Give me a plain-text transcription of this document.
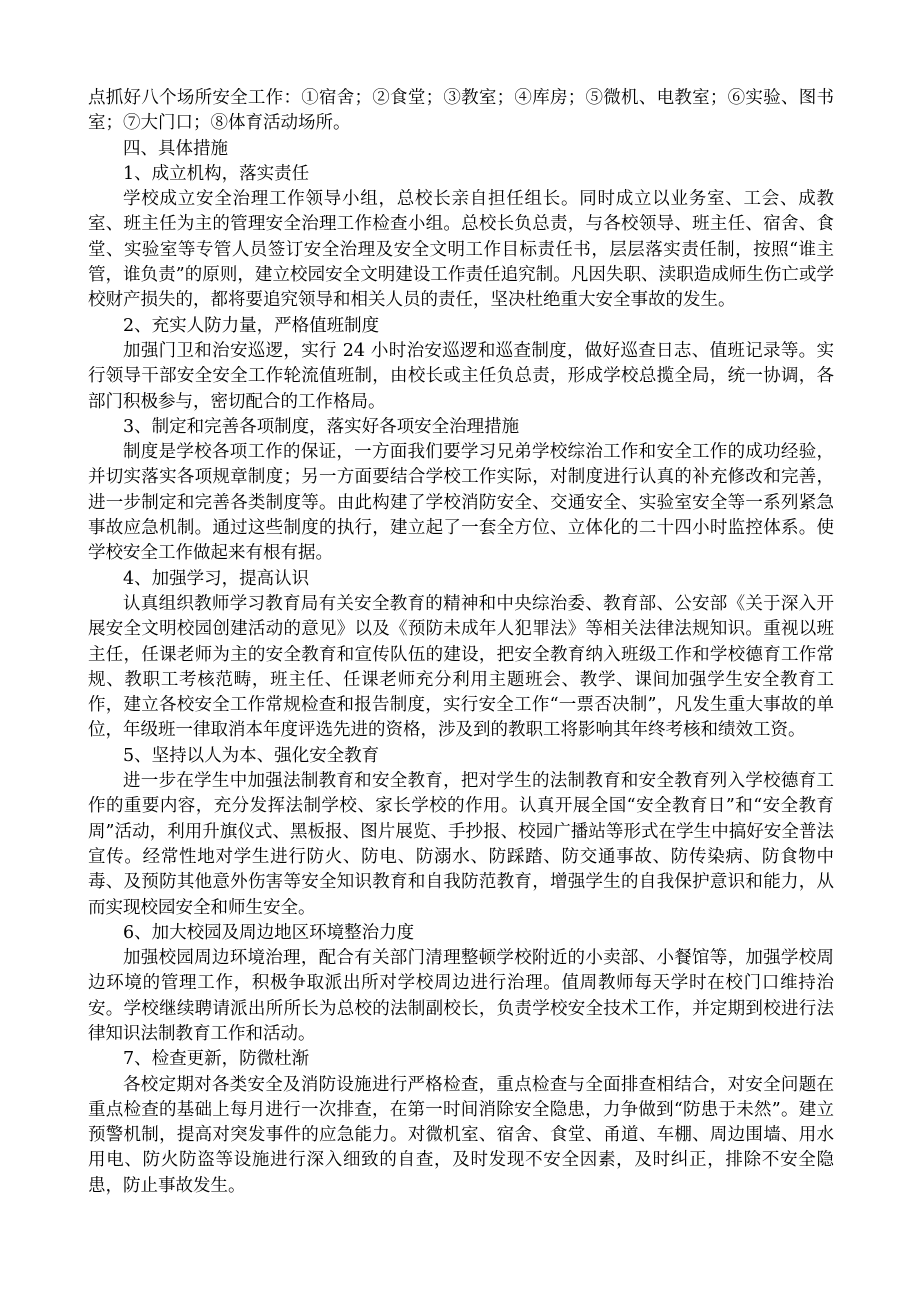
点抓好八个场所安全工作：①宿舍；②食堂；③教室；④库房；⑤微机、电教室；⑥实验、图书室；⑦大门口；⑧体育活动场所。

四、具体措施

1、成立机构，落实责任

学校成立安全治理工作领导小组，总校长亲自担任组长。同时成立以业务室、工会、成教室、班主任为主的管理安全治理工作检查小组。总校长负总责，与各校领导、班主任、宿舍、食堂、实验室等专管人员签订安全治理及安全文明工作目标责任书，层层落实责任制，按照“谁主管，谁负责”的原则，建立校园安全文明建设工作责任追究制。凡因失职、渎职造成师生伤亡或学校财产损失的，都将要追究领导和相关人员的责任，坚决杜绝重大安全事故的发生。

2、充实人防力量，严格值班制度

加强门卫和治安巡逻，实行 24 小时治安巡逻和巡查制度，做好巡查日志、值班记录等。实行领导干部安全安全工作轮流值班制，由校长或主任负总责，形成学校总揽全局，统一协调，各部门积极参与，密切配合的工作格局。

3、制定和完善各项制度，落实好各项安全治理措施

制度是学校各项工作的保证，一方面我们要学习兄弟学校综治工作和安全工作的成功经验，并切实落实各项规章制度；另一方面要结合学校工作实际，对制度进行认真的补充修改和完善，进一步制定和完善各类制度等。由此构建了学校消防安全、交通安全、实验室安全等一系列紧急事故应急机制。通过这些制度的执行，建立起了一套全方位、立体化的二十四小时监控体系。使学校安全工作做起来有根有据。

4、加强学习，提高认识

认真组织教师学习教育局有关安全教育的精神和中央综治委、教育部、公安部《关于深入开展安全文明校园创建活动的意见》以及《预防未成年人犯罪法》等相关法律法规知识。重视以班主任，任课老师为主的安全教育和宣传队伍的建设，把安全教育纳入班级工作和学校德育工作常规、教职工考核范畴，班主任、任课老师充分利用主题班会、教学、课间加强学生安全教育工作，建立各校安全工作常规检查和报告制度，实行安全工作“一票否决制”，凡发生重大事故的单位，年级班一律取消本年度评选先进的资格，涉及到的教职工将影响其年终考核和绩效工资。

5、坚持以人为本、强化安全教育

进一步在学生中加强法制教育和安全教育，把对学生的法制教育和安全教育列入学校德育工作的重要内容，充分发挥法制学校、家长学校的作用。认真开展全国“安全教育日”和“安全教育周”活动，利用升旗仪式、黑板报、图片展览、手抄报、校园广播站等形式在学生中搞好安全普法宣传。经常性地对学生进行防火、防电、防溺水、防踩踏、防交通事故、防传染病、防食物中毒、及预防其他意外伤害等安全知识教育和自我防范教育，增强学生的自我保护意识和能力，从而实现校园安全和师生安全。

6、加大校园及周边地区环境整治力度

加强校园周边环境治理，配合有关部门清理整顿学校附近的小卖部、小餐馆等，加强学校周边环境的管理工作，积极争取派出所对学校周边进行治理。值周教师每天学时在校门口维持治安。学校继续聘请派出所所长为总校的法制副校长，负责学校安全技术工作，并定期到校进行法律知识法制教育工作和活动。

7、检查更新，防微杜渐

各校定期对各类安全及消防设施进行严格检查，重点检查与全面排查相结合，对安全问题在重点检查的基础上每月进行一次排查，在第一时间消除安全隐患，力争做到“防患于未然”。建立预警机制，提高对突发事件的应急能力。对微机室、宿舍、食堂、甬道、车棚、周边围墙、用水用电、防火防盗等设施进行深入细致的自查，及时发现不安全因素，及时纠正，排除不安全隐患，防止事故发生。
